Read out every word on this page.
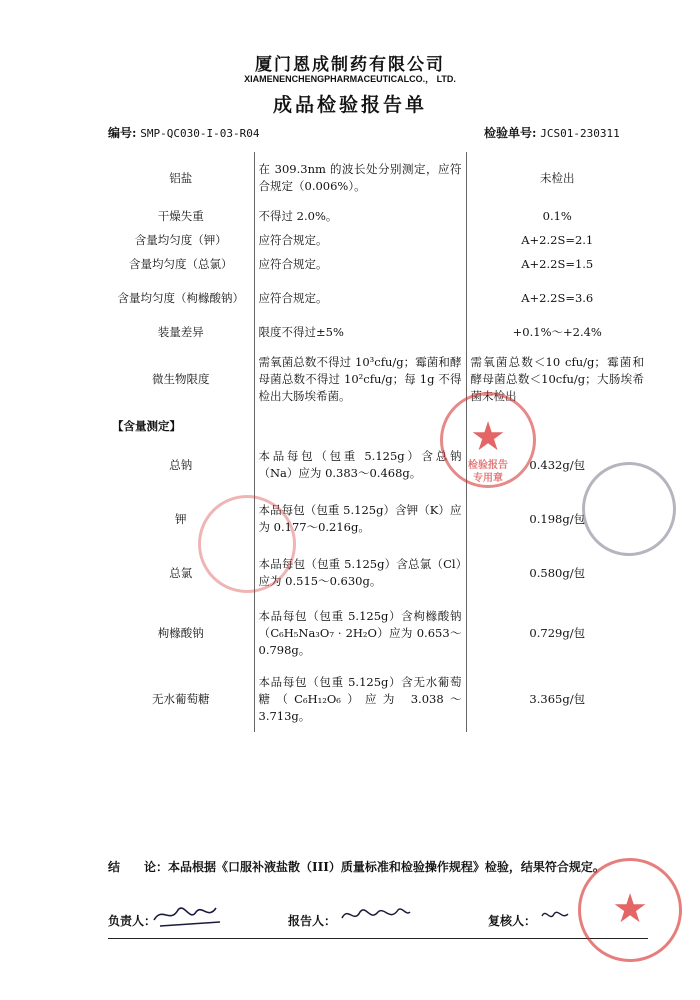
厦门恩成制药有限公司
XIAMENENCHENGPHARMACEUTICALCO.， LTD.
成品检验报告单
编号: SMP-QC030-I-03-R04	检验单号: JCS01-230311
铝盐	在 309.3nm 的波长处分别测定，应符合规定（0.006%）。	未检出
干燥失重	不得过 2.0%。	0.1%
含量均匀度（钾）	应符合规定。	A+2.2S=2.1
含量均匀度（总氯）	应符合规定。	A+2.2S=1.5
含量均匀度（枸橼酸钠）	应符合规定。	A+2.2S=3.6
装量差异	限度不得过±5%	+0.1%～+2.4%
微生物限度	需氧菌总数不得过 10³cfu/g；霉菌和酵母菌总数不得过 10²cfu/g；每 1g 不得检出大肠埃希菌。	需氧菌总数＜10 cfu/g；霉菌和酵母菌总数＜10cfu/g；大肠埃希菌未检出
【含量测定】		
总钠	本品每包（包重 5.125g）含总钠（Na）应为 0.383～0.468g。	0.432g/包
钾	本品每包（包重 5.125g）含钾（K）应为 0.177～0.216g。	0.198g/包
总氯	本品每包（包重 5.125g）含总氯（Cl）应为 0.515～0.630g。	0.580g/包
枸橼酸钠	本品每包（包重 5.125g）含枸橼酸钠（C₆H₅Na₃O₇ · 2H₂O）应为 0.653～0.798g。	0.729g/包
无水葡萄糖	本品每包（包重 5.125g）含无水葡萄糖（C₆H₁₂O₆）应为 3.038～3.713g。	3.365g/包
结　　论：本品根据《口服补液盐散（III）质量标准和检验操作规程》检验，结果符合规定。
负责人：	报告人：	复核人：
★
检验报告
专用章
★
